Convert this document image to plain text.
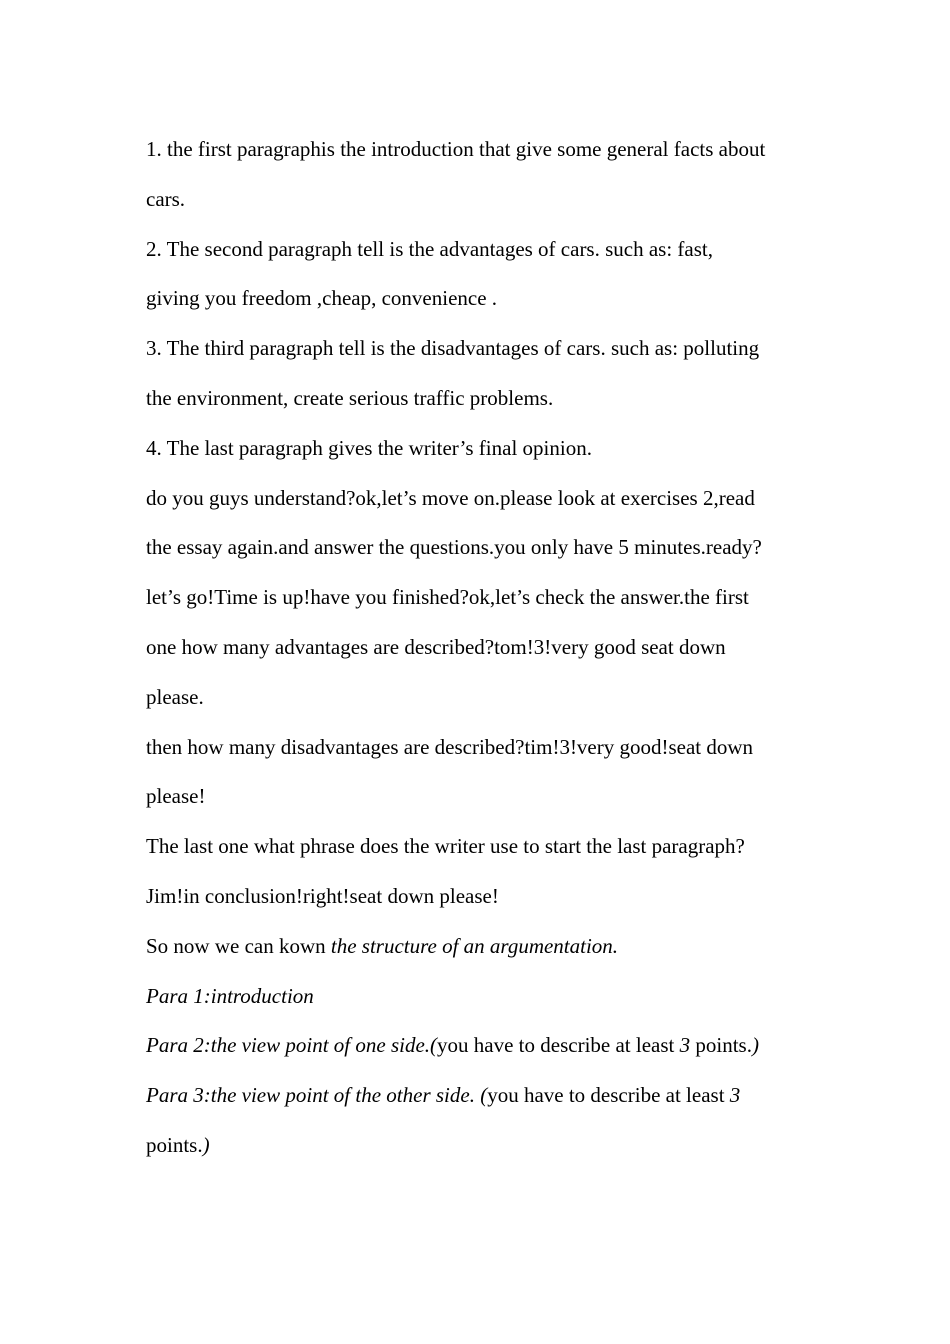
1. the first paragraphis the introduction that give some general facts about
cars.
2. The second paragraph tell is the advantages of cars. such as: fast,
giving you freedom ,cheap, convenience .
3. The third paragraph tell is the disadvantages of cars. such as: polluting
the environment, create serious traffic problems.
4. The last paragraph gives the writer’s final opinion.
do you guys understand?ok,let’s move on.please look at exercises 2,read
the essay again.and answer the questions.you only have 5 minutes.ready?
let’s go!Time is up!have you finished?ok,let’s check the answer.the first
one how many advantages are described?tom!3!very good seat down
please.
then how many disadvantages are described?tim!3!very good!seat down
please!
The last one what phrase does the writer use to start the last paragraph?
Jim!in conclusion!right!seat down please!
So now we can kown the structure of an argumentation.
Para 1:introduction
Para 2:the view point of one side.(you have to describe at least 3 points.)
Para 3:the view point of the other side. (you have to describe at least 3
points.)
